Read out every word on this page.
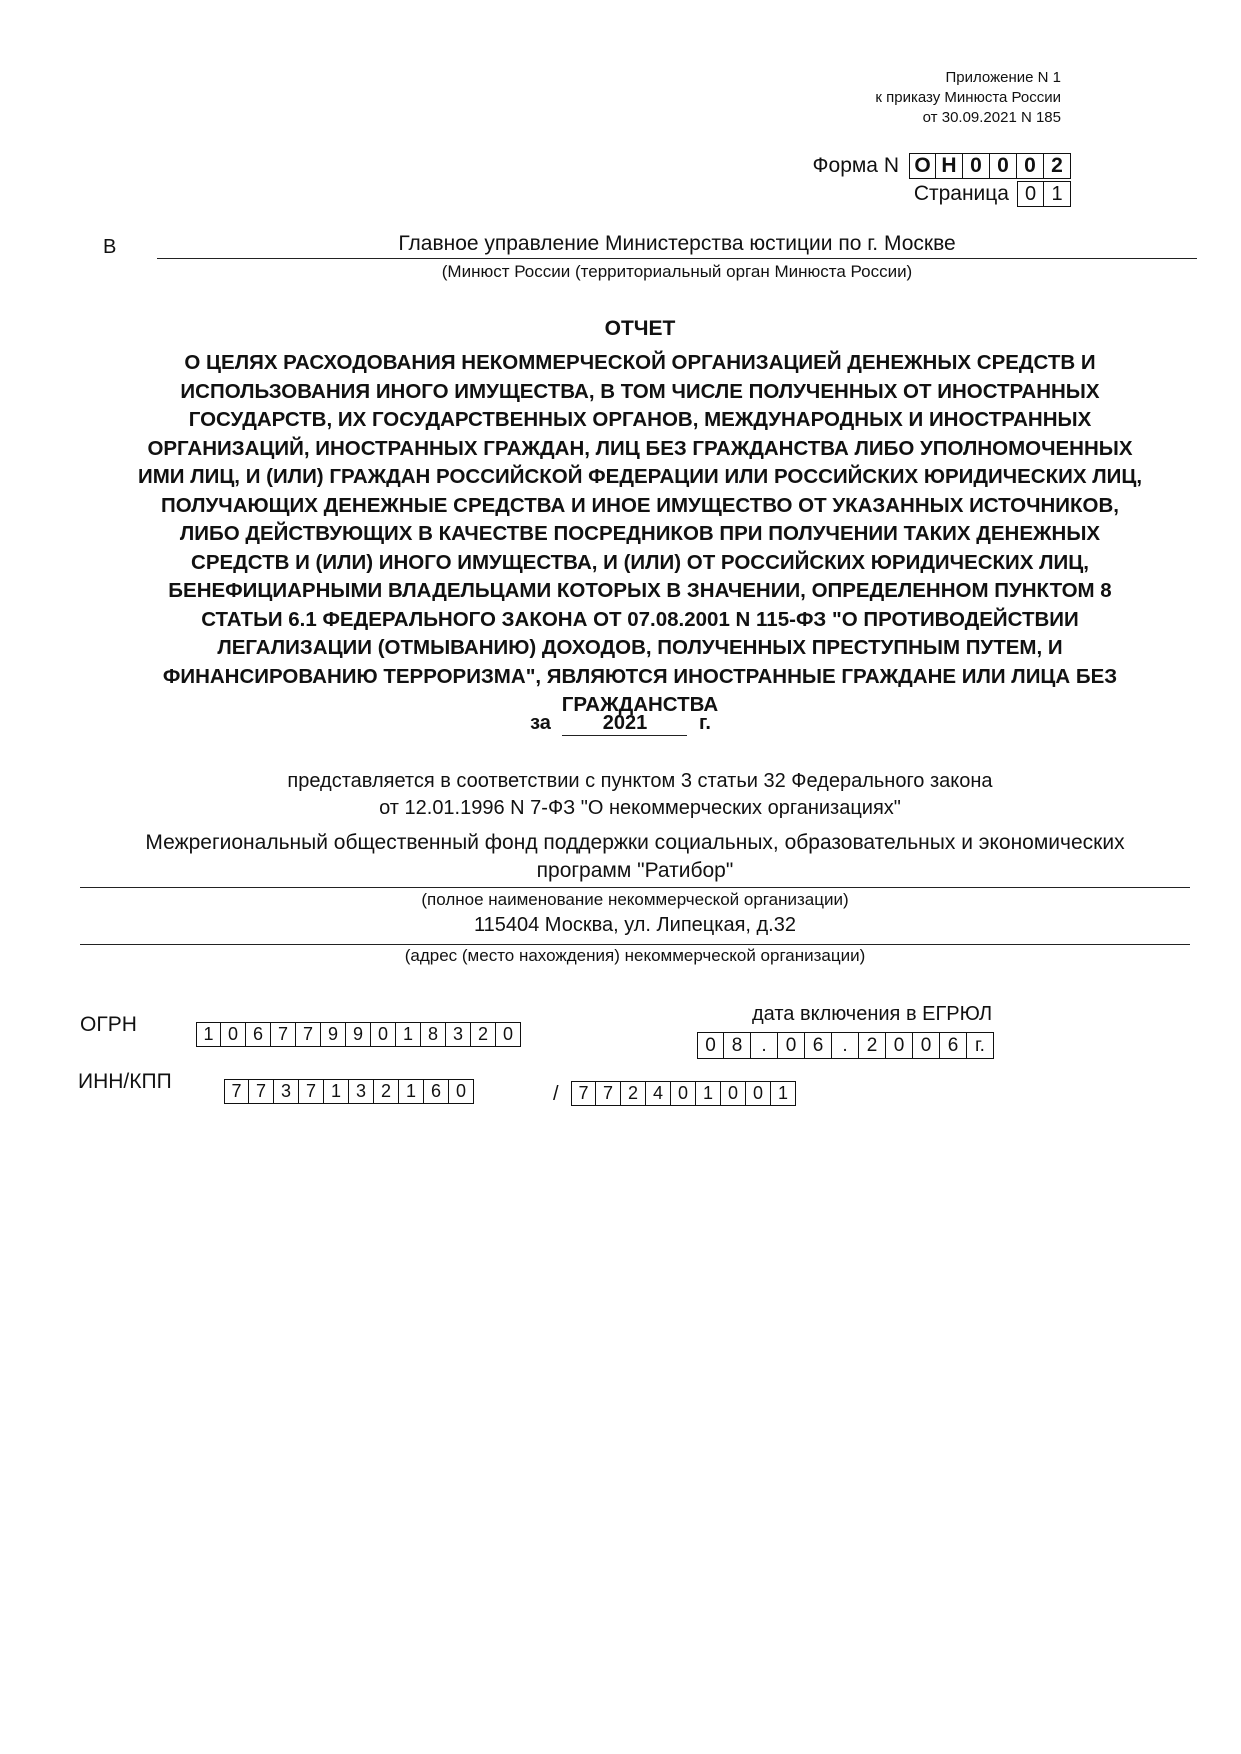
Приложение N 1
к приказу Минюста России
от 30.09.2021 N 185
Форма N О Н 0 0 0 2
Страница 0 1
В	Главное управление Министерства юстиции по г. Москве
(Минюст России (территориальный орган Минюста России)
ОТЧЕТ
О ЦЕЛЯХ РАСХОДОВАНИЯ НЕКОММЕРЧЕСКОЙ ОРГАНИЗАЦИЕЙ ДЕНЕЖНЫХ СРЕДСТВ И
ИСПОЛЬЗОВАНИЯ ИНОГО ИМУЩЕСТВА, В ТОМ ЧИСЛЕ ПОЛУЧЕННЫХ ОТ ИНОСТРАННЫХ
ГОСУДАРСТВ, ИХ ГОСУДАРСТВЕННЫХ ОРГАНОВ, МЕЖДУНАРОДНЫХ И ИНОСТРАННЫХ
ОРГАНИЗАЦИЙ, ИНОСТРАННЫХ ГРАЖДАН, ЛИЦ БЕЗ ГРАЖДАНСТВА ЛИБО УПОЛНОМОЧЕННЫХ
ИМИ ЛИЦ, И (ИЛИ) ГРАЖДАН РОССИЙСКОЙ ФЕДЕРАЦИИ ИЛИ РОССИЙСКИХ ЮРИДИЧЕСКИХ ЛИЦ,
ПОЛУЧАЮЩИХ ДЕНЕЖНЫЕ СРЕДСТВА И ИНОЕ ИМУЩЕСТВО ОТ УКАЗАННЫХ ИСТОЧНИКОВ,
ЛИБО ДЕЙСТВУЮЩИХ В КАЧЕСТВЕ ПОСРЕДНИКОВ ПРИ ПОЛУЧЕНИИ ТАКИХ ДЕНЕЖНЫХ
СРЕДСТВ И (ИЛИ) ИНОГО ИМУЩЕСТВА, И (ИЛИ) ОТ РОССИЙСКИХ ЮРИДИЧЕСКИХ ЛИЦ,
БЕНЕФИЦИАРНЫМИ ВЛАДЕЛЬЦАМИ КОТОРЫХ В ЗНАЧЕНИИ, ОПРЕДЕЛЕННОМ ПУНКТОМ 8
СТАТЬИ 6.1 ФЕДЕРАЛЬНОГО ЗАКОНА ОТ 07.08.2001 N 115-ФЗ "О ПРОТИВОДЕЙСТВИИ
ЛЕГАЛИЗАЦИИ (ОТМЫВАНИЮ) ДОХОДОВ, ПОЛУЧЕННЫХ ПРЕСТУПНЫМ ПУТЕМ, И
ФИНАНСИРОВАНИЮ ТЕРРОРИЗМА", ЯВЛЯЮТСЯ ИНОСТРАННЫЕ ГРАЖДАНЕ ИЛИ ЛИЦА БЕЗ
ГРАЖДАНСТВА
за	2021	г.
представляется в соответствии с пунктом 3 статьи 32 Федерального закона
от 12.01.1996 N 7-ФЗ "О некоммерческих организациях"
Межрегиональный общественный фонд поддержки социальных, образовательных и экономических
программ "Ратибор"
(полное наименование некоммерческой организации)
115404 Москва, ул. Липецкая, д.32
(адрес (место нахождения) некоммерческой организации)
ОГРН	1 0 6 7 7 9 9 0 1 8 3 2 0
дата включения в ЕГРЮЛ
0 8	.	0 6	.	2 0 0 6 г.
ИНН/КПП	7 7 3 7 1 3 2 1 6 0	/	7 7 2 4 0 1 0 0 1
